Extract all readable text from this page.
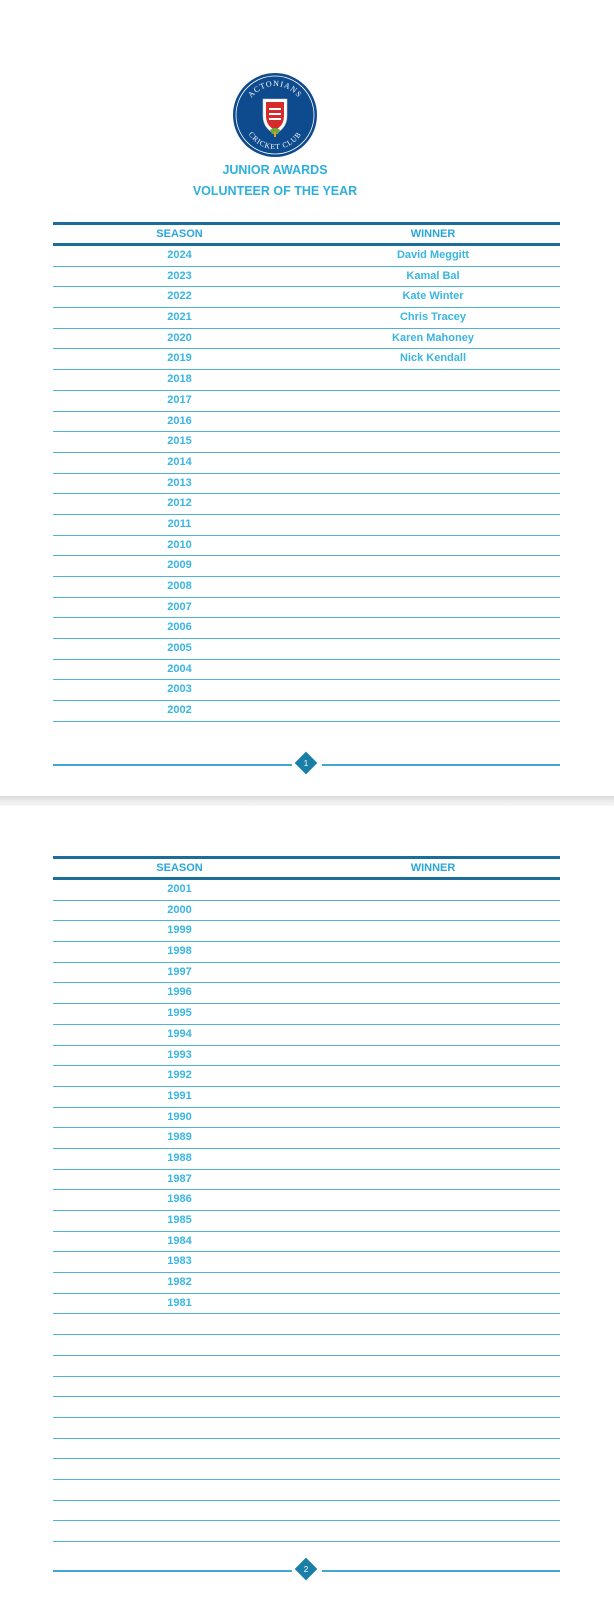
ACTONIANS
CRICKET CLUB
JUNIOR AWARDS
VOLUNTEER OF THE YEAR
SEASON	WINNER
2024	David Meggitt
2023	Kamal Bal
2022	Kate Winter
2021	Chris Tracey
2020	Karen Mahoney
2019	Nick Kendall
2018
2017
2016
2015
2014
2013
2012
2011
2010
2009
2008
2007
2006
2005
2004
2003
2002
1
SEASON	WINNER
2001
2000
1999
1998
1997
1996
1995
1994
1993
1992
1991
1990
1989
1988
1987
1986
1985
1984
1983
1982
1981
2
